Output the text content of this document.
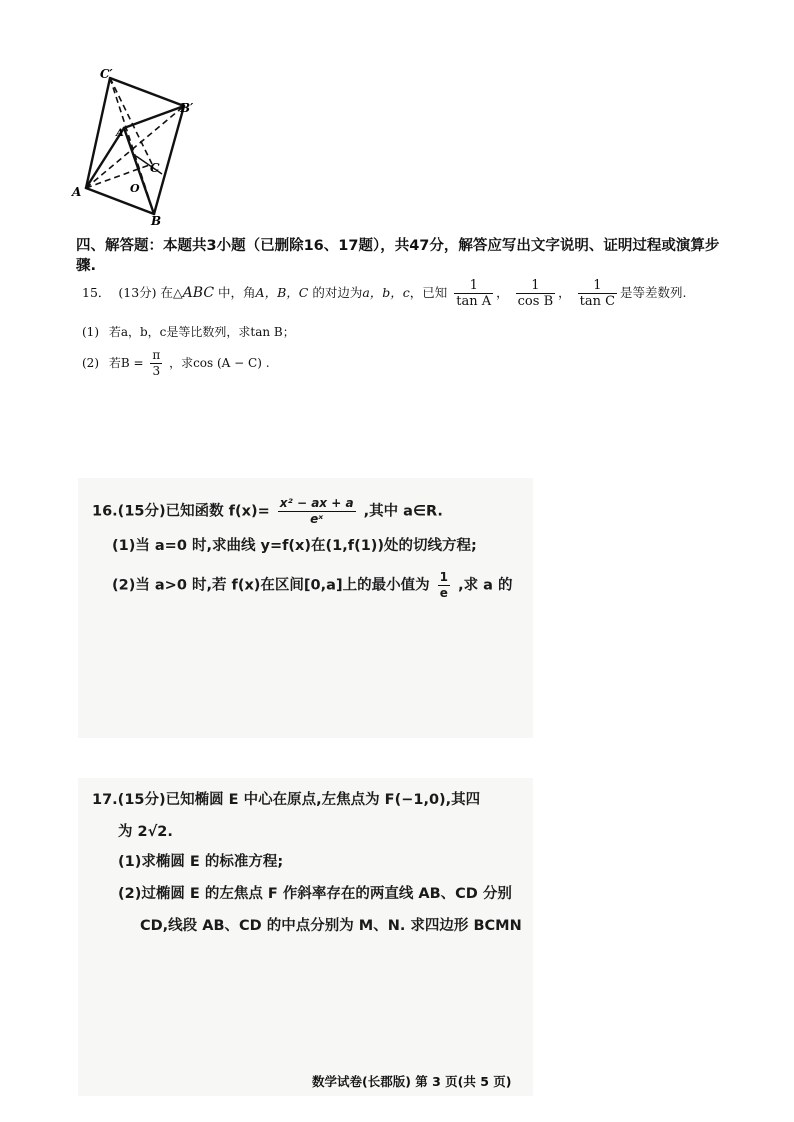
C′
B′
A
B
C
O
A′
四、解答题：本题共3小题（已删除16、17题），共47分，解答应写出文字说明、证明过程或演算步骤.
15． (13分) 在△ABC 中，角A，B，C 的对边为a，b，c，已知 $\frac{1}{\text{tan A}}$ ， $\frac{1}{\text{cos B}}$ ， $\frac{1}{\text{tan C}}$ 是等差数列.
(1) 若a，b，c是等比数列，求tan B；
(2) 若$B = \frac{\pi}{3}$ ，求cos (A − C) .
16.(15分)已知函数 $f(x)= \frac{\text{x² − ax + a}}{\text{eˣ}}$ ,其中 a∈R.
(1)当 a=0 时,求曲线 y=f(x)在(1,f(1))处的切线方程;
(2)当 a>0 时,若 f(x)在区间[0,a]上的最小值为 $\frac{1}{e}$ ,求 a 的
17.(15分)已知椭圆 E 中心在原点,左焦点为 F(−1,0),其四
为 2√2.
(1)求椭圆 E 的标准方程;
(2)过椭圆 E 的左焦点 F 作斜率存在的两直线 AB、CD 分别
CD,线段 AB、CD 的中点分别为 M、N. 求四边形 BCMN
数学试卷(长郡版) 第 3 页(共 5 页)
